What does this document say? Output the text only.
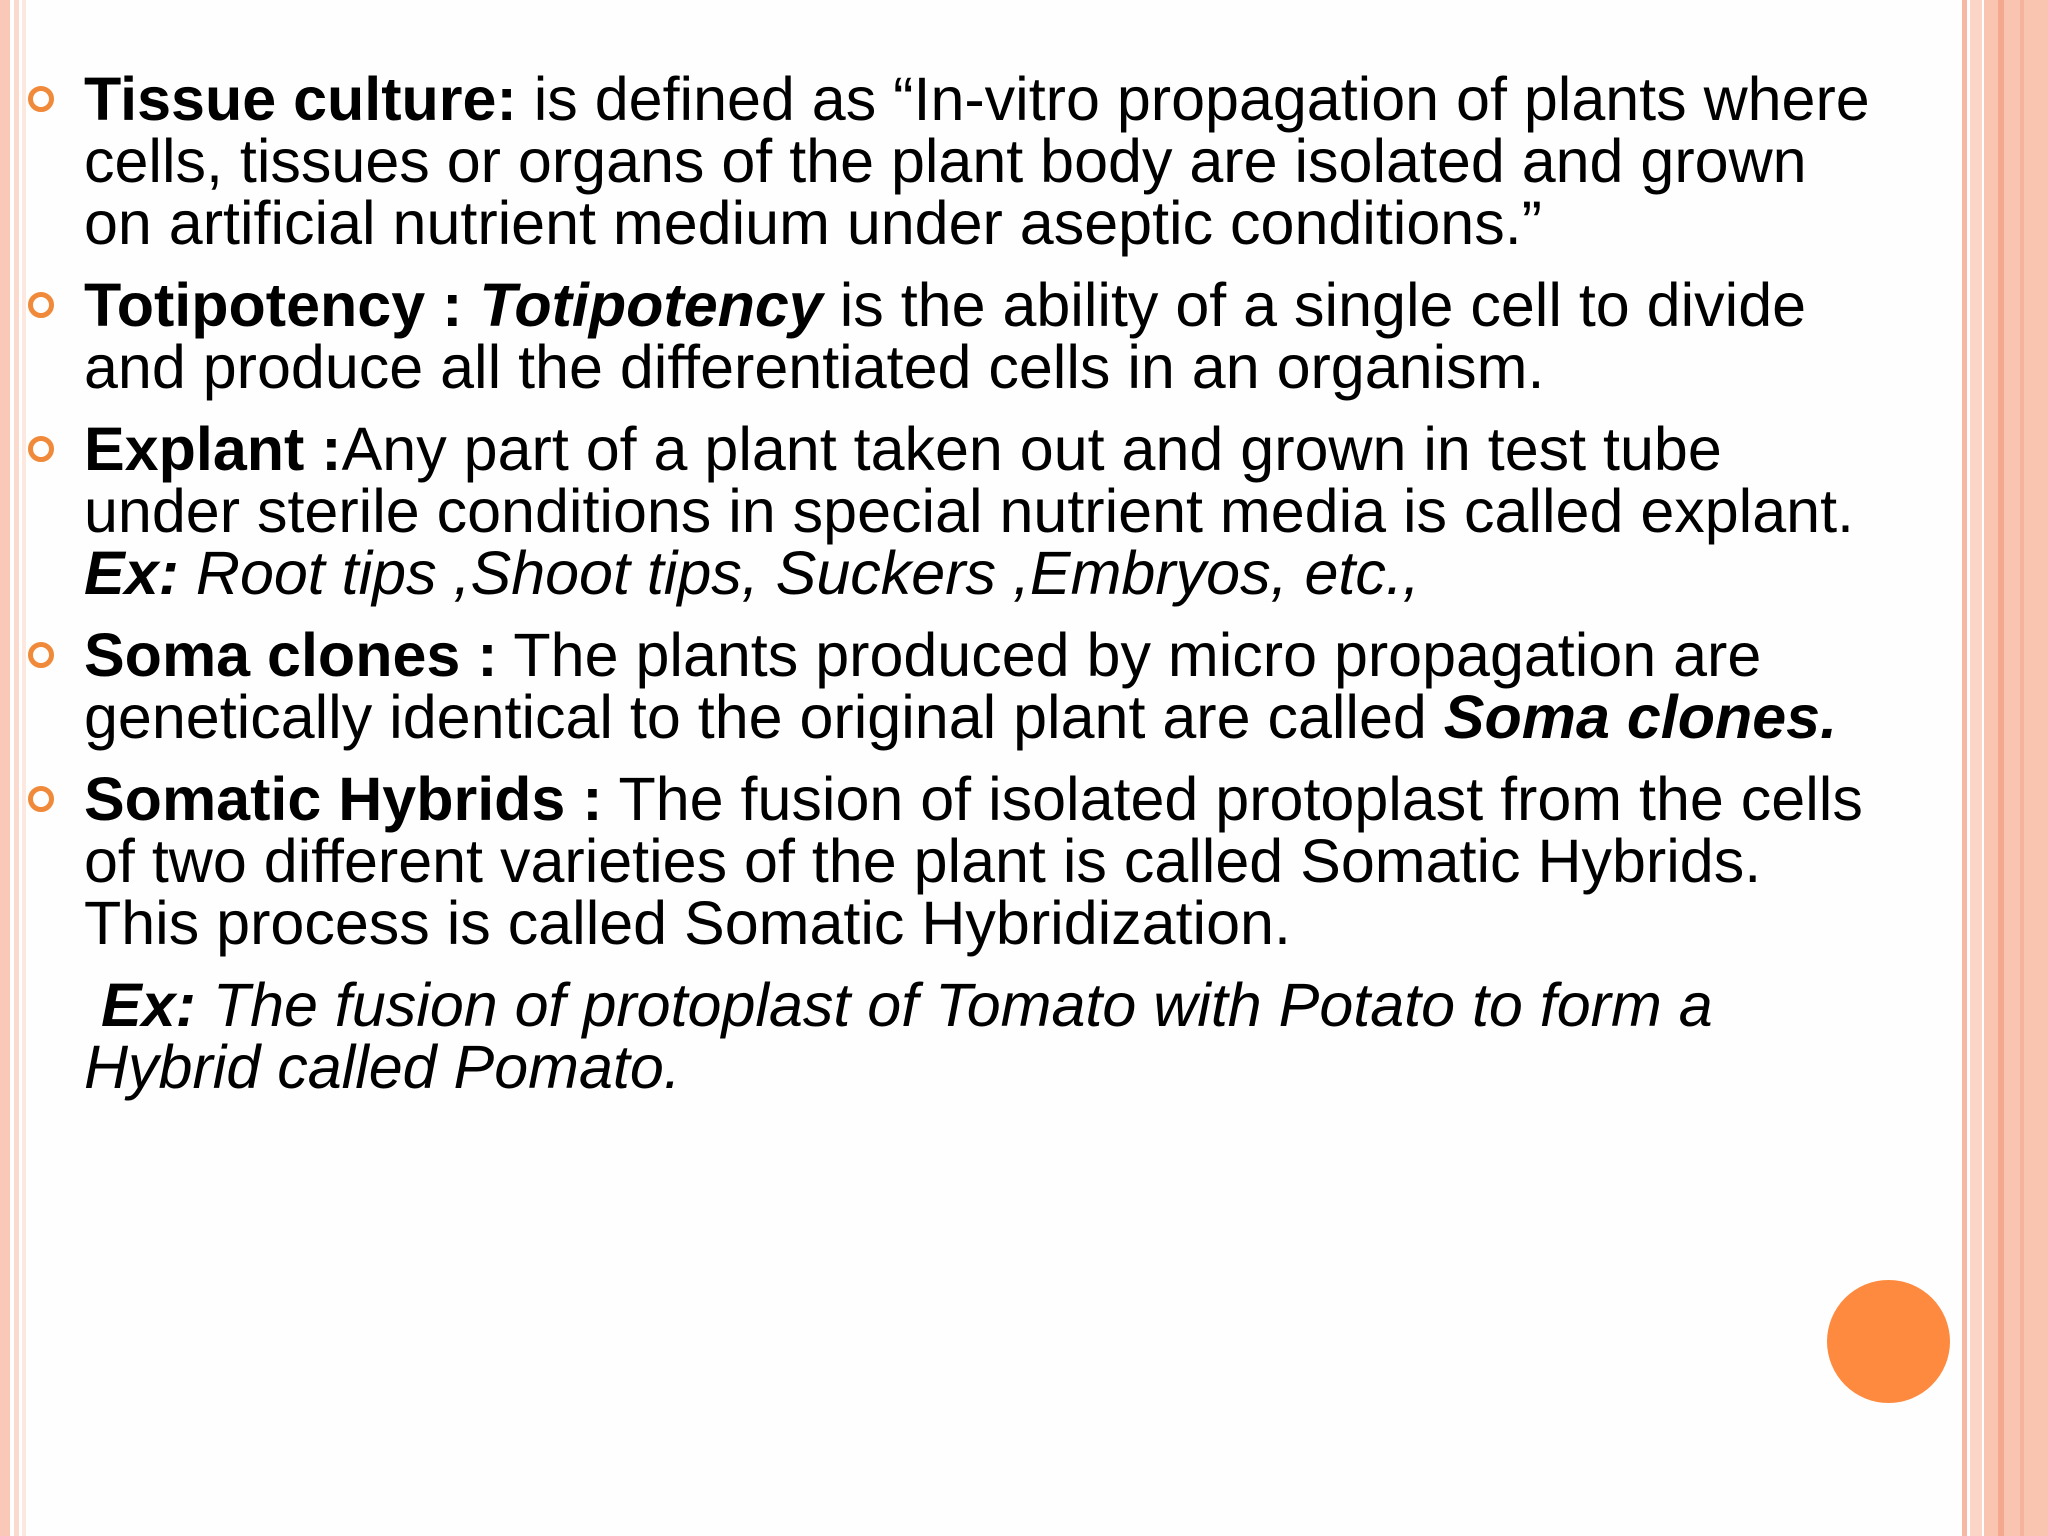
Tissue culture: is defined as “In-vitro propagation of plants where
cells, tissues or organs of the plant body are isolated and grown
on artificial nutrient medium under aseptic conditions.”
Totipotency : Totipotency is the ability of a single cell to divide
and produce all the differentiated cells in an organism.
Explant :Any part of a plant taken out and grown in test tube
under sterile conditions in special nutrient media is called explant.
Ex: Root tips ,Shoot tips, Suckers ,Embryos, etc.,
Soma clones : The plants produced by micro propagation are
genetically identical to the original plant are called Soma clones.
Somatic Hybrids : The fusion of isolated protoplast from the cells
of two different varieties of the plant is called Somatic Hybrids.
This process is called Somatic Hybridization.
Ex: The fusion of protoplast of Tomato with Potato to form a
Hybrid called Pomato.
